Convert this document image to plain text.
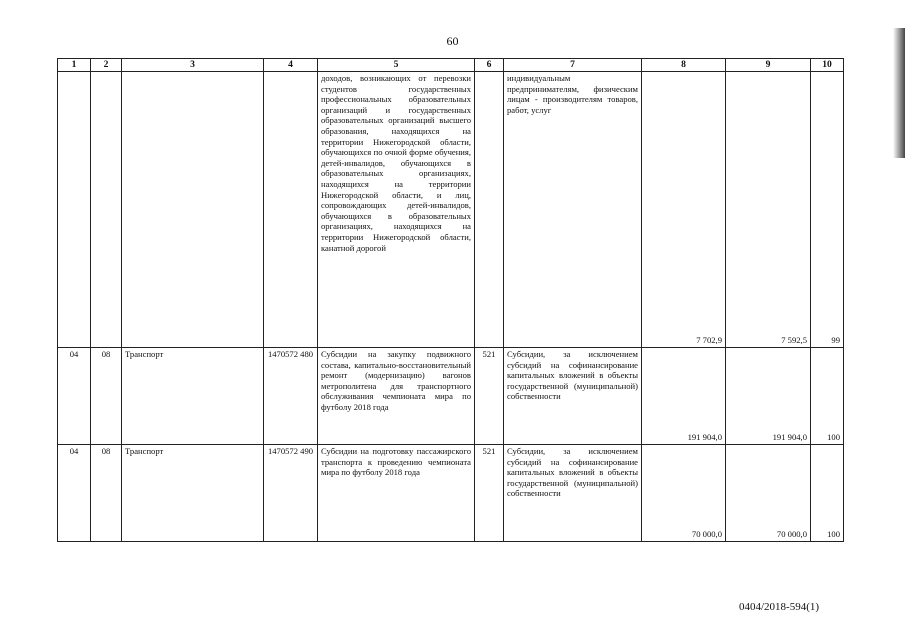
60
1	2	3	4	5	6	7	8	9	10
				доходов, возникающих от перевозки студентов государственных профессиональных образовательных организаций и государственных образовательных организаций высшего образования, находящихся на территории Нижегородской области, обучающихся по очной форме обучения, детей-инвалидов, обучающихся в образовательных организациях, находящихся на территории Нижегородской области, и лиц, сопровождающих детей-инвалидов, обучающихся в образовательных организациях, находящихся на территории Нижегородской области, канатной дорогой		индивидуальным предпринимателям, физическим лицам - производителям товаров, работ, услуг	7 702,9	7 592,5	99
04	08	Транспорт	1470572 480	Субсидии на закупку подвижного состава, капитально-восстановительный ремонт (модернизацию) вагонов метрополитена для транспортного обслуживания чемпионата мира по футболу 2018 года	521	Субсидии, за исключением субсидий на софинансирование капитальных вложений в объекты государственной (муниципальной) собственности	191 904,0	191 904,0	100
04	08	Транспорт	1470572 490	Субсидии на подготовку пассажирского транспорта к проведению чемпионата мира по футболу 2018 года	521	Субсидии, за исключением субсидий на софинансирование капитальных вложений в объекты государственной (муниципальной) собственности	70 000,0	70 000,0	100
0404/2018-594(1)
